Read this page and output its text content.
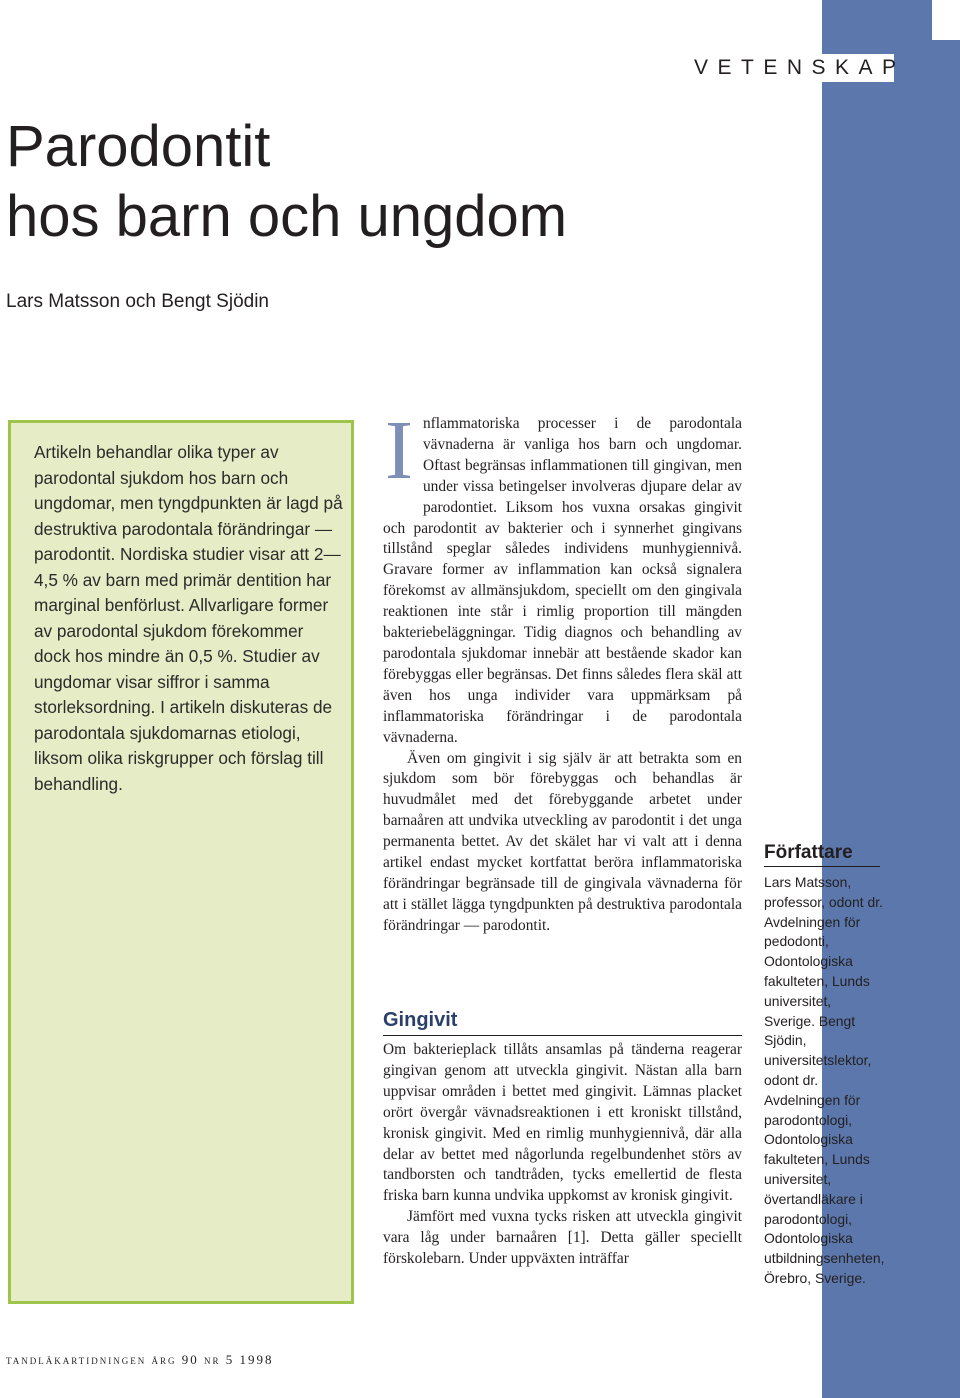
VETENSKAP
Parodontit
hos barn och ungdom
Lars Matsson och Bengt Sjödin

Artikeln behandlar olika typer av parodontal sjukdom hos barn och ungdomar, men tyngdpunkten är lagd på destruktiva parodontala förändringar — parodontit. Nordiska studier visar att 2—4,5 % av barn med primär dentition har marginal benförlust. Allvarligare former av parodontal sjukdom förekommer dock hos mindre än 0,5 %. Studier av ungdomar visar siffror i samma storleksordning. I artikeln diskuteras de parodontala sjukdomarnas etiologi, liksom olika riskgrupper och förslag till behandling.

I nflammatoriska processer i de parodontala vävnaderna är vanliga hos barn och ungdomar. Oftast begränsas inflammationen till gingivan, men under vissa betingelser involveras djupare delar av parodontiet. Liksom hos vuxna orsakas gingivit och parodontit av bakterier och i synnerhet gingivans tillstånd speglar således individens munhygiennivå. Gravare former av inflammation kan också signalera förekomst av allmänsjukdom, speciellt om den gingivala reaktionen inte står i rimlig proportion till mängden bakteriebeläggningar. Tidig diagnos och behandling av parodontala sjukdomar innebär att bestående skador kan förebyggas eller begränsas. Det finns således flera skäl att även hos unga individer vara uppmärksam på inflammatoriska förändringar i de parodontala vävnaderna.

Även om gingivit i sig själv är att betrakta som en sjukdom som bör förebyggas och behandlas är huvudmålet med det förebyggande arbetet under barnaåren att undvika utveckling av parodontit i det unga permanenta bettet. Av det skälet har vi valt att i denna artikel endast mycket kortfattat beröra inflammatoriska förändringar begränsade till de gingivala vävnaderna för att i stället lägga tyngdpunkten på destruktiva parodontala förändringar — parodontit.

Gingivit

Om bakterieplack tillåts ansamlas på tänderna reagerar gingivan genom att utveckla gingivit. Nästan alla barn uppvisar områden i bettet med gingivit. Lämnas placket orört övergår vävnadsreaktionen i ett kroniskt tillstånd, kronisk gingivit. Med en rimlig munhygiennivå, där alla delar av bettet med någorlunda regelbundenhet störs av tandborsten och tandtråden, tycks emellertid de flesta friska barn kunna undvika uppkomst av kronisk gingivit.

Jämfört med vuxna tycks risken att utveckla gingivit vara låg under barnaåren [1]. Detta gäller speciellt förskolebarn. Under uppväxten inträffar

Författare

Lars Matsson, professor, odont dr. Avdelningen för pedodonti, Odontologiska fakulteten, Lunds universitet, Sverige. Bengt Sjödin, universitetslektor, odont dr. Avdelningen för parodontologi, Odontologiska fakulteten, Lunds universitet, övertandläkare i parodontologi, Odontologiska utbildningsenheten, Örebro, Sverige.

tandläkartidningen årg 90 nr 5 1998
